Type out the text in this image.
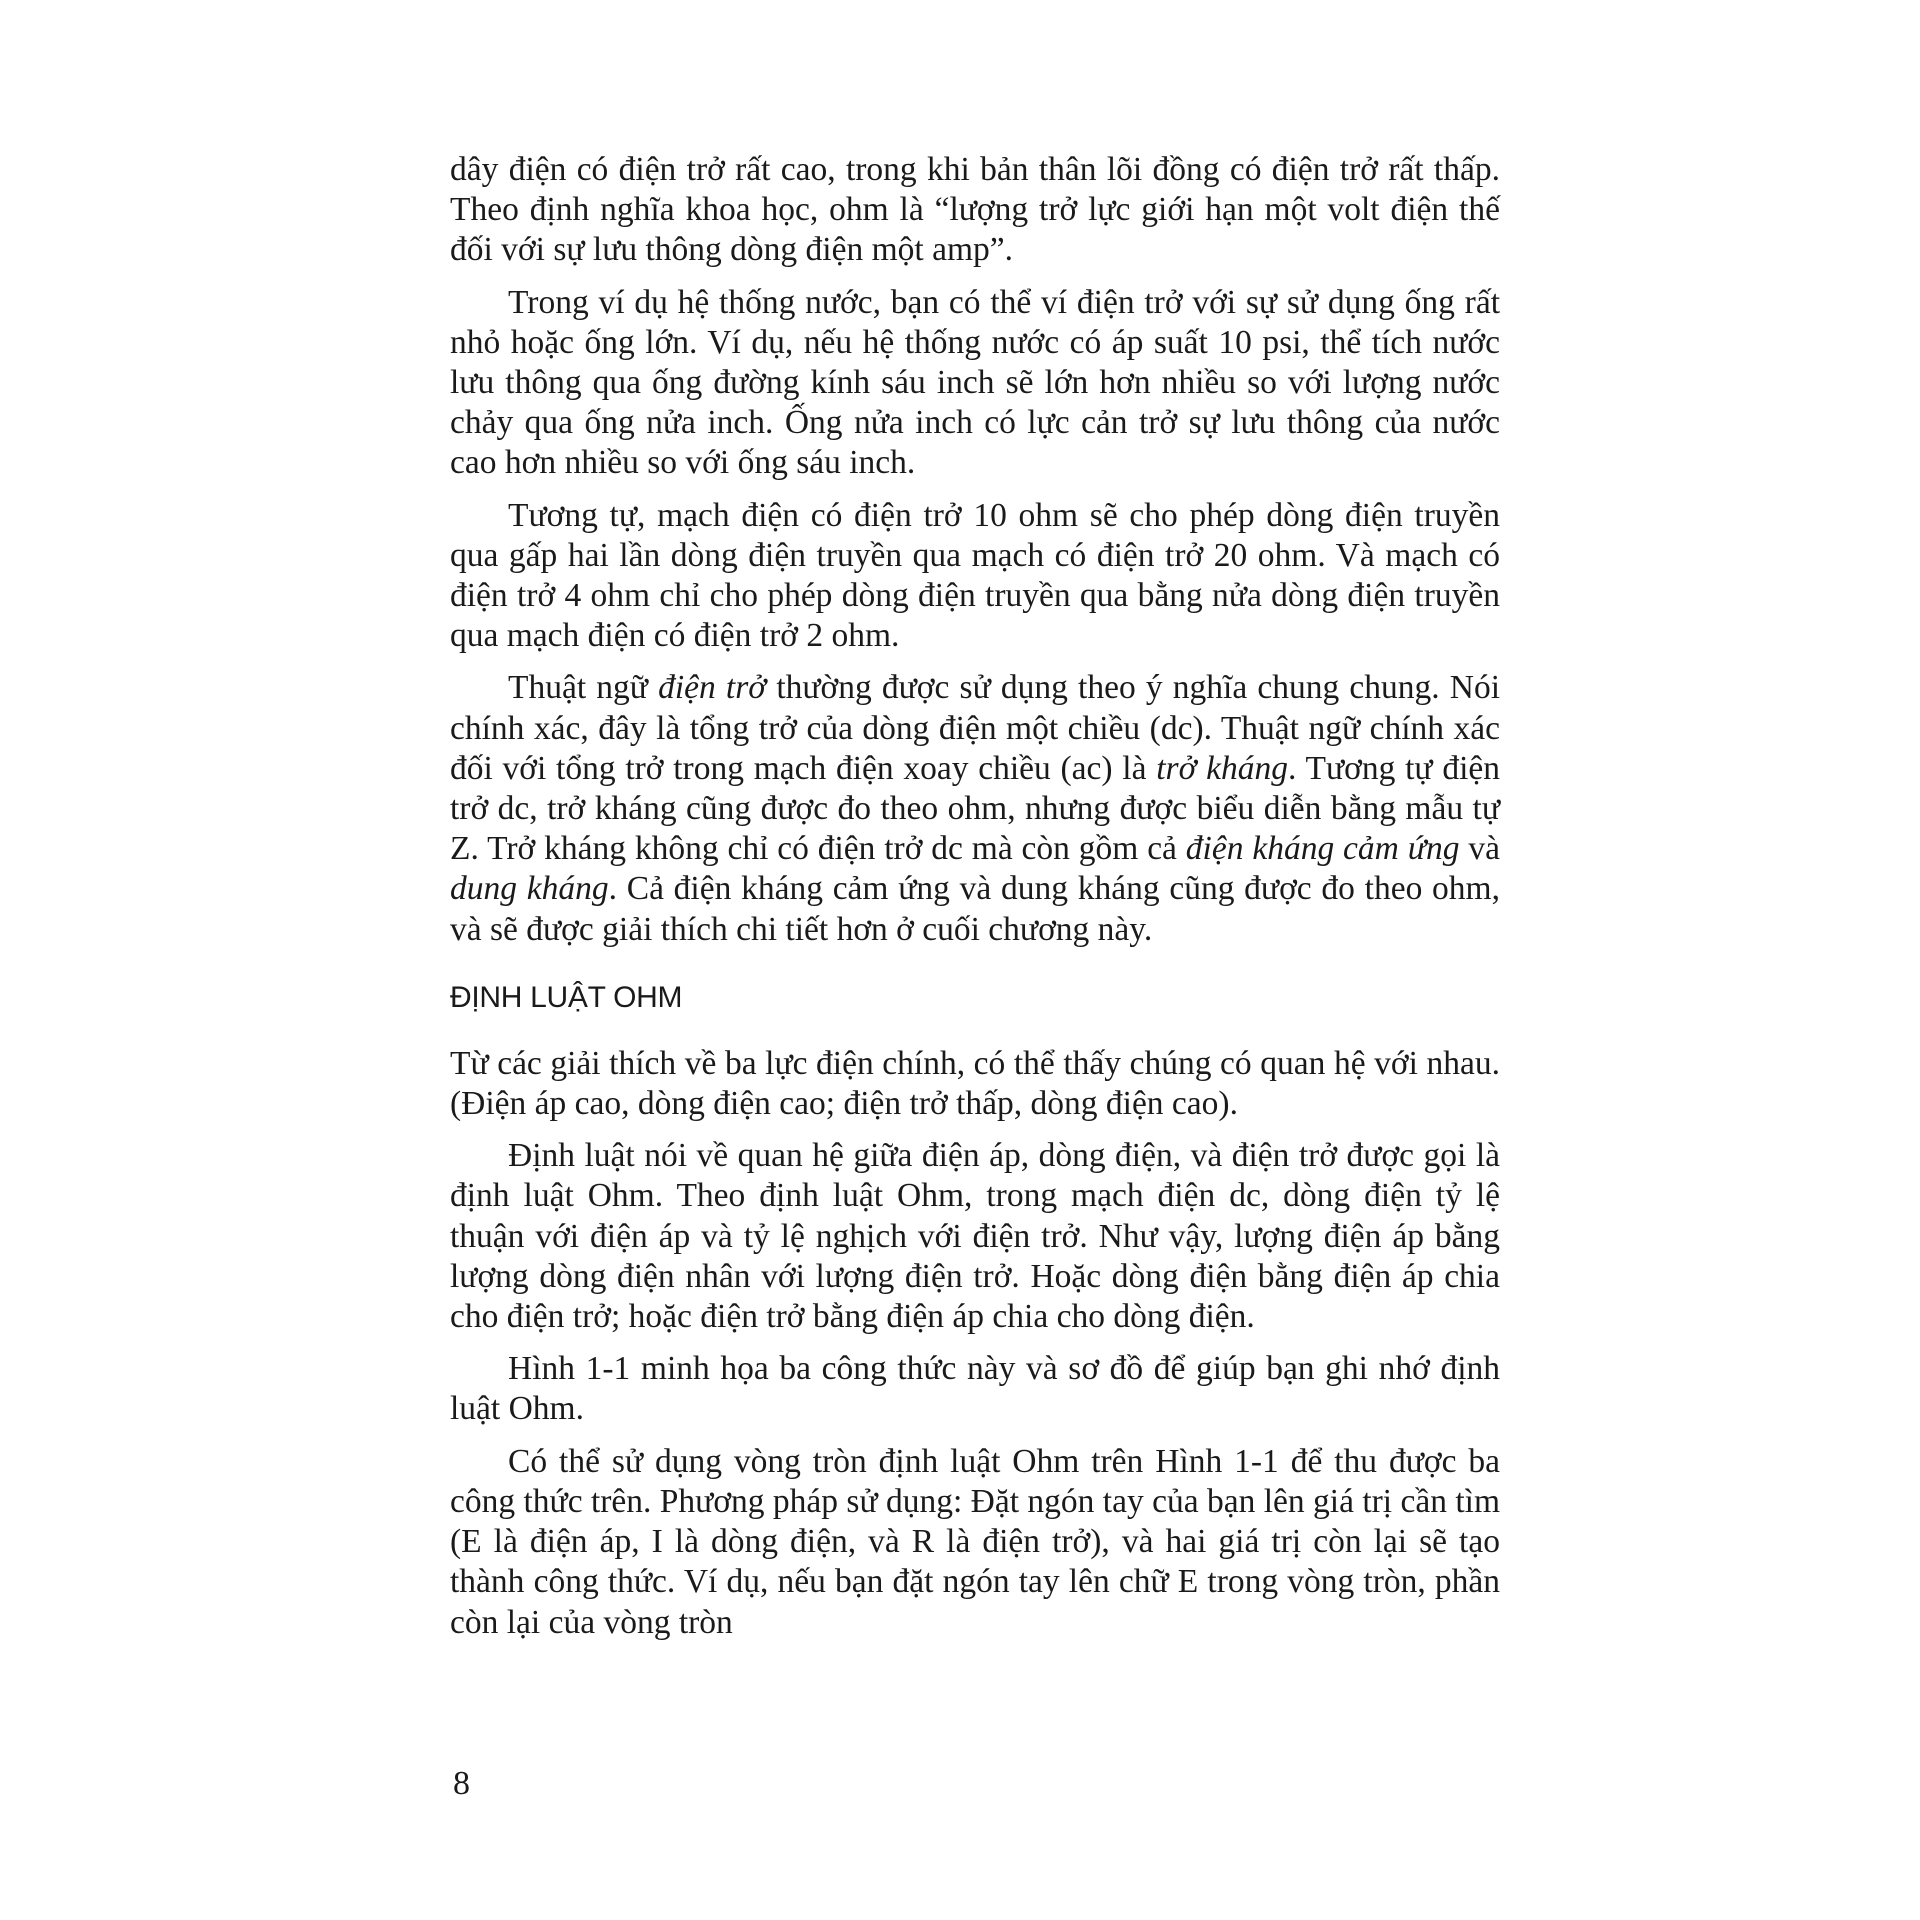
dây điện có điện trở rất cao, trong khi bản thân lõi đồng có điện trở rất thấp. Theo định nghĩa khoa học, ohm là “lượng trở lực giới hạn một volt điện thế đối với sự lưu thông dòng điện một amp”.

Trong ví dụ hệ thống nước, bạn có thể ví điện trở với sự sử dụng ống rất nhỏ hoặc ống lớn. Ví dụ, nếu hệ thống nước có áp suất 10 psi, thể tích nước lưu thông qua ống đường kính sáu inch sẽ lớn hơn nhiều so với lượng nước chảy qua ống nửa inch. Ống nửa inch có lực cản trở sự lưu thông của nước cao hơn nhiều so với ống sáu inch.

Tương tự, mạch điện có điện trở 10 ohm sẽ cho phép dòng điện truyền qua gấp hai lần dòng điện truyền qua mạch có điện trở 20 ohm. Và mạch có điện trở 4 ohm chỉ cho phép dòng điện truyền qua bằng nửa dòng điện truyền qua mạch điện có điện trở 2 ohm.

Thuật ngữ điện trở thường được sử dụng theo ý nghĩa chung chung. Nói chính xác, đây là tổng trở của dòng điện một chiều (dc). Thuật ngữ chính xác đối với tổng trở trong mạch điện xoay chiều (ac) là trở kháng. Tương tự điện trở dc, trở kháng cũng được đo theo ohm, nhưng được biểu diễn bằng mẫu tự Z. Trở kháng không chỉ có điện trở dc mà còn gồm cả điện kháng cảm ứng và dung kháng. Cả điện kháng cảm ứng và dung kháng cũng được đo theo ohm, và sẽ được giải thích chi tiết hơn ở cuối chương này.

ĐỊNH LUẬT OHM

Từ các giải thích về ba lực điện chính, có thể thấy chúng có quan hệ với nhau. (Điện áp cao, dòng điện cao; điện trở thấp, dòng điện cao).

Định luật nói về quan hệ giữa điện áp, dòng điện, và điện trở được gọi là định luật Ohm. Theo định luật Ohm, trong mạch điện dc, dòng điện tỷ lệ thuận với điện áp và tỷ lệ nghịch với điện trở. Như vậy, lượng điện áp bằng lượng dòng điện nhân với lượng điện trở. Hoặc dòng điện bằng điện áp chia cho điện trở; hoặc điện trở bằng điện áp chia cho dòng điện.

Hình 1-1 minh họa ba công thức này và sơ đồ để giúp bạn ghi nhớ định luật Ohm.

Có thể sử dụng vòng tròn định luật Ohm trên Hình 1-1 để thu được ba công thức trên. Phương pháp sử dụng: Đặt ngón tay của bạn lên giá trị cần tìm (E là điện áp, I là dòng điện, và R là điện trở), và hai giá trị còn lại sẽ tạo thành công thức. Ví dụ, nếu bạn đặt ngón tay lên chữ E trong vòng tròn, phần còn lại của vòng tròn

8
